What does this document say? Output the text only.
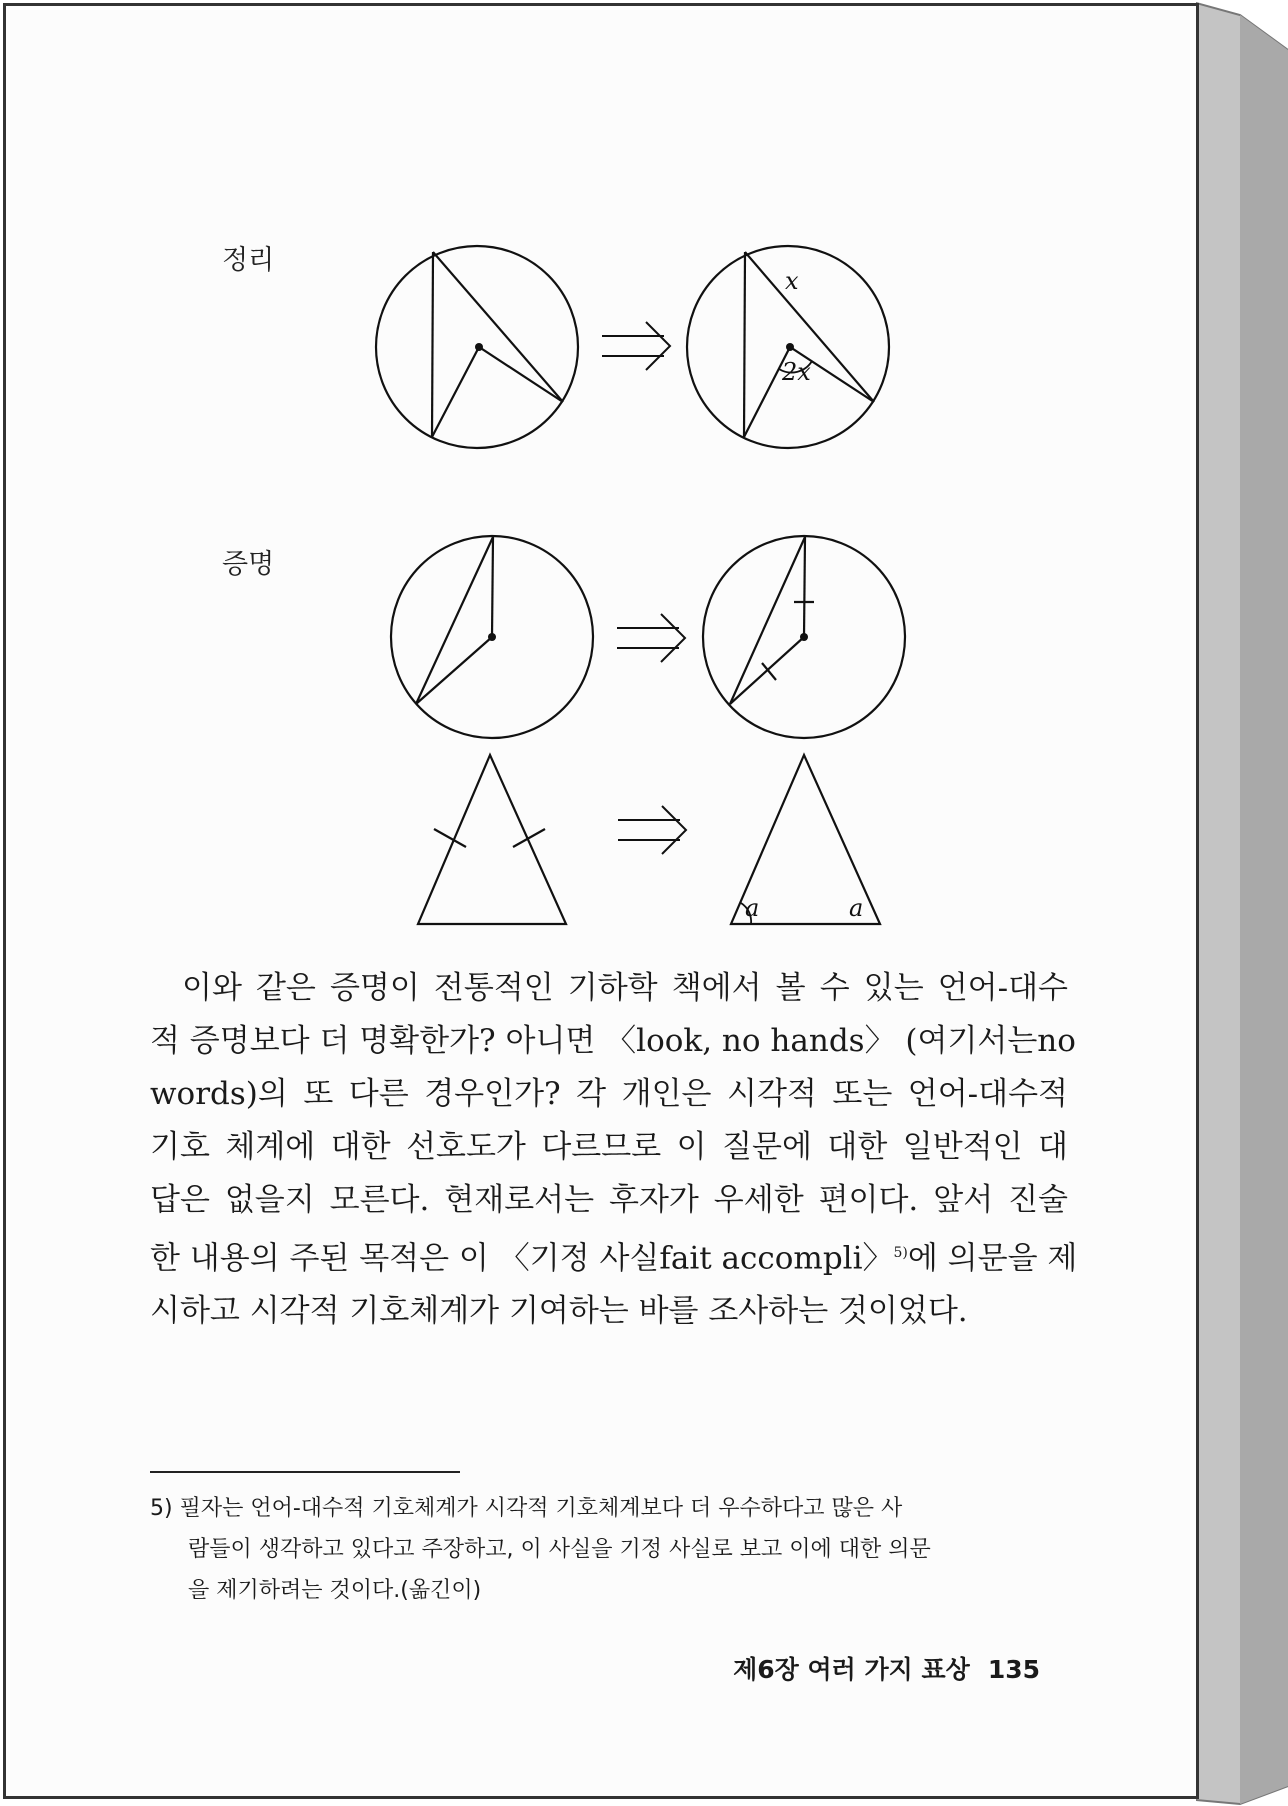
정리
증명
x
2x
a	a
이와 같은 증명이 전통적인 기하학 책에서 볼 수 있는 언어-대수
적 증명보다 더 명확한가? 아니면 〈look, no hands〉 (여기서는no
words)의 또 다른 경우인가? 각 개인은 시각적 또는 언어-대수적
기호 체계에 대한 선호도가 다르므로 이 질문에 대한 일반적인 대
답은 없을지 모른다. 현재로서는 후자가 우세한 편이다. 앞서 진술
한 내용의 주된 목적은 이 〈기정 사실fait accompli〉$^{5)}$에 의문을 제
시하고 시각적 기호체계가 기여하는 바를 조사하는 것이었다.
5) 필자는 언어-대수적 기호체계가 시각적 기호체계보다 더 우수하다고 많은 사
람들이 생각하고 있다고 주장하고, 이 사실을 기정 사실로 보고 이에 대한 의문
을 제기하려는 것이다.(옮긴이)
제6장 여러 가지 표상 135
